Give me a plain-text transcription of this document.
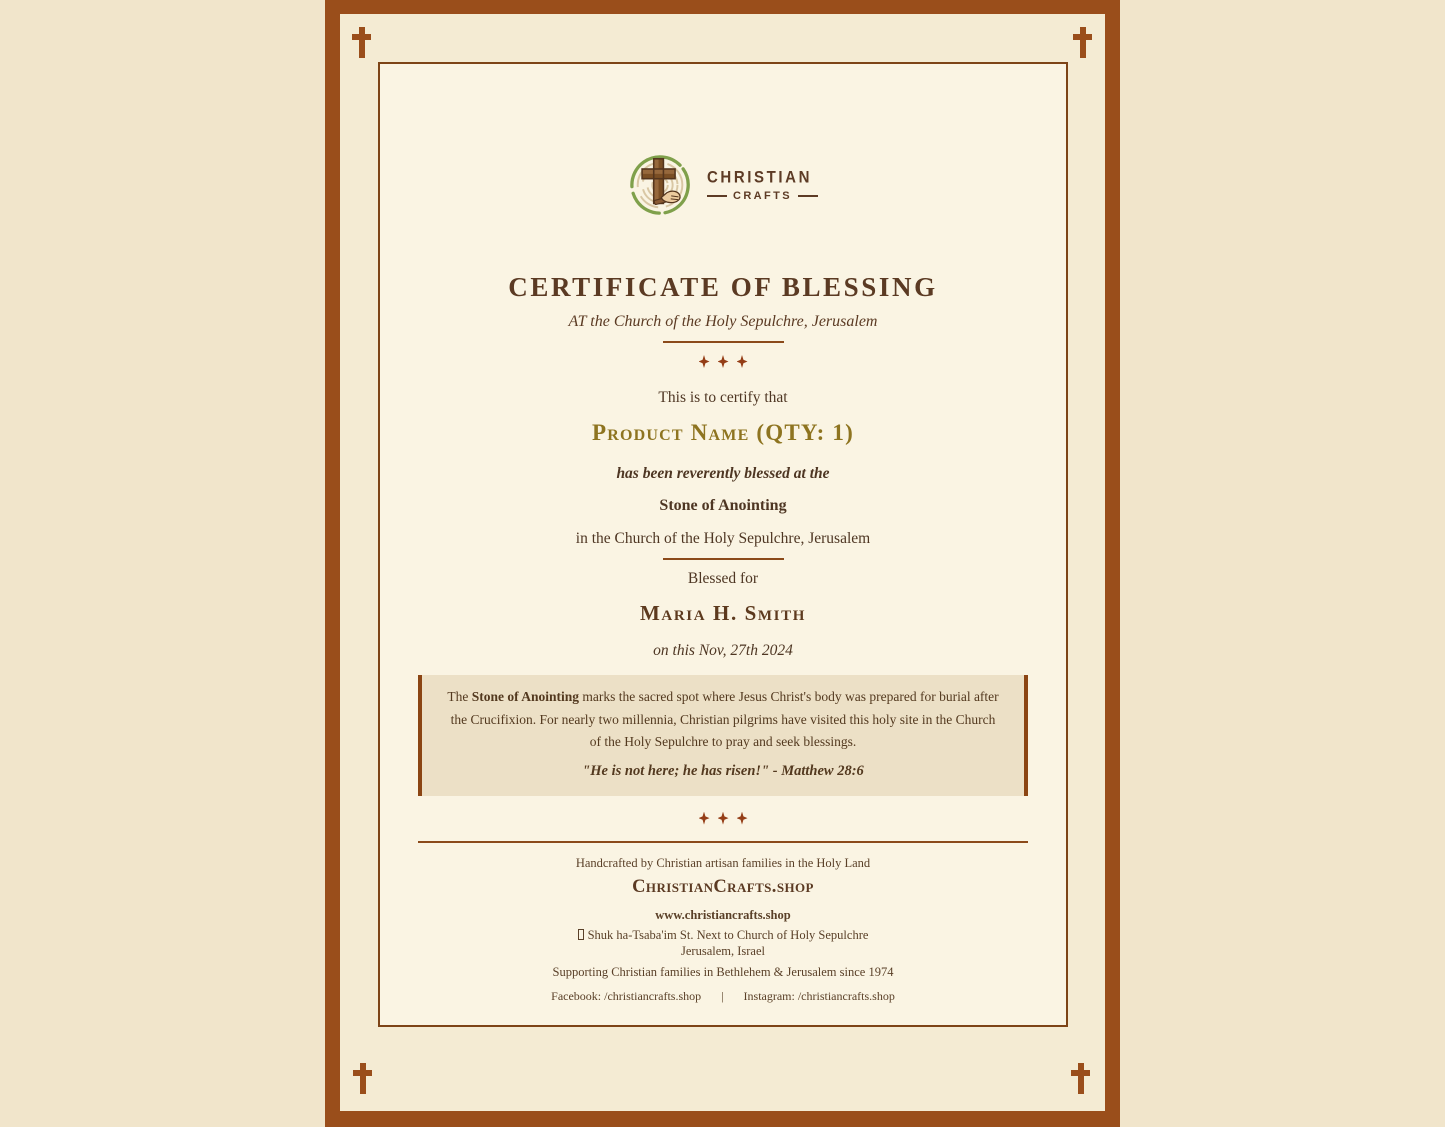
CHRISTIAN
CRAFTS
CERTIFICATE OF BLESSING
AT the Church of the Holy Sepulchre, Jerusalem
This is to certify that
Product Name (QTY: 1)
has been reverently blessed at the
Stone of Anointing
in the Church of the Holy Sepulchre, Jerusalem
Blessed for
Maria H. Smith
on this Nov, 27th 2024
The Stone of Anointing marks the sacred spot where Jesus Christ's body was prepared for burial after the Crucifixion. For nearly two millennia, Christian pilgrims have visited this holy site in the Church of the Holy Sepulchre to pray and seek blessings.
"He is not here; he has risen!" - Matthew 28:6
Handcrafted by Christian artisan families in the Holy Land
ChristianCrafts.shop
www.christiancrafts.shop
Shuk ha-Tsaba'im St. Next to Church of Holy Sepulchre
Jerusalem, Israel
Supporting Christian families in Bethlehem & Jerusalem since 1974
Facebook: /christiancrafts.shop | Instagram: /christiancrafts.shop
